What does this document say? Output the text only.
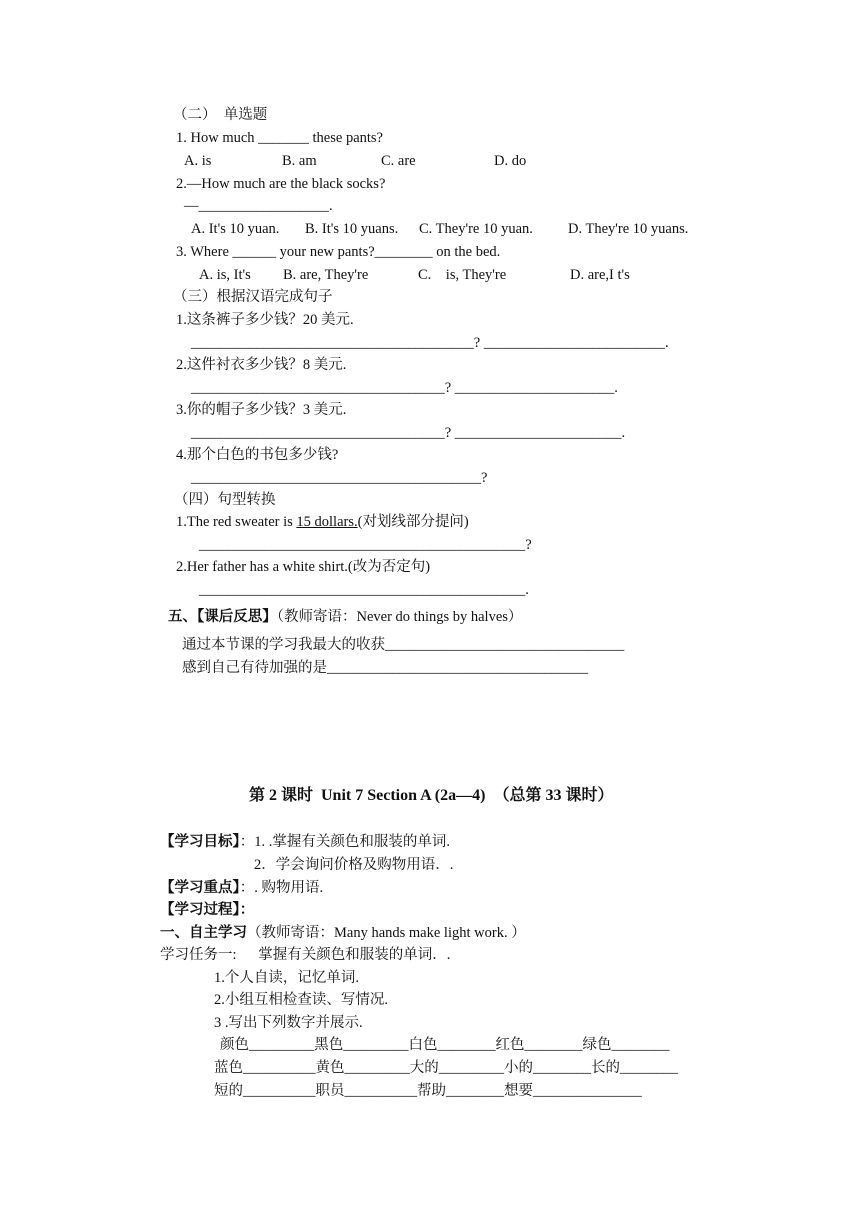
（二）  单选题
1. How much _______ these pants?
A. is	B. am	C. are	D. do
2.—How much are the black socks?
—__________________.
A. It's 10 yuan. B. It's 10 yuans. C. They're 10 yuan. D. They're 10 yuans.
3. Where ______ your new pants?________ on the bed.
A. is, It's B. are, They're	C.    is, They're	D. are,I t's
（三）根据汉语完成句子
1.这条裤子多少钱？20 美元.
_______________________________________? _________________________.
2.这件衬衣多少钱？8 美元.
___________________________________? ______________________.
3.你的帽子多少钱？3 美元.
___________________________________? _______________________.
4.那个白色的书包多少钱?
________________________________________?
（四）句型转换
1.The red sweater is 15 dollars.(对划线部分提问)
_____________________________________________?
2.Her father has a white shirt.(改为否定句)
_____________________________________________.
五、【课后反思】（教师寄语：Never do things by halves）
通过本节课的学习我最大的收获_________________________________
感到自己有待加强的是____________________________________
第 2 课时  Unit 7 Section A (2a—4)  （总第 33 课时）
【学习目标】：1. .掌握有关颜色和服装的单词.
2．学会询问价格及购物用语．.
【学习重点】：. 购物用语.
【学习过程】：
一、自主学习（教师寄语：Many hands make light work. ）
学习任务一:      掌握有关颜色和服装的单词．.
1.个人自读，记忆单词.
2.小组互相检查读、写情况.
3 .写出下列数字并展示.
颜色_________黑色_________白色________红色________绿色________
蓝色__________黄色_________大的_________小的________长的________
短的__________职员__________帮助________想要_______________
